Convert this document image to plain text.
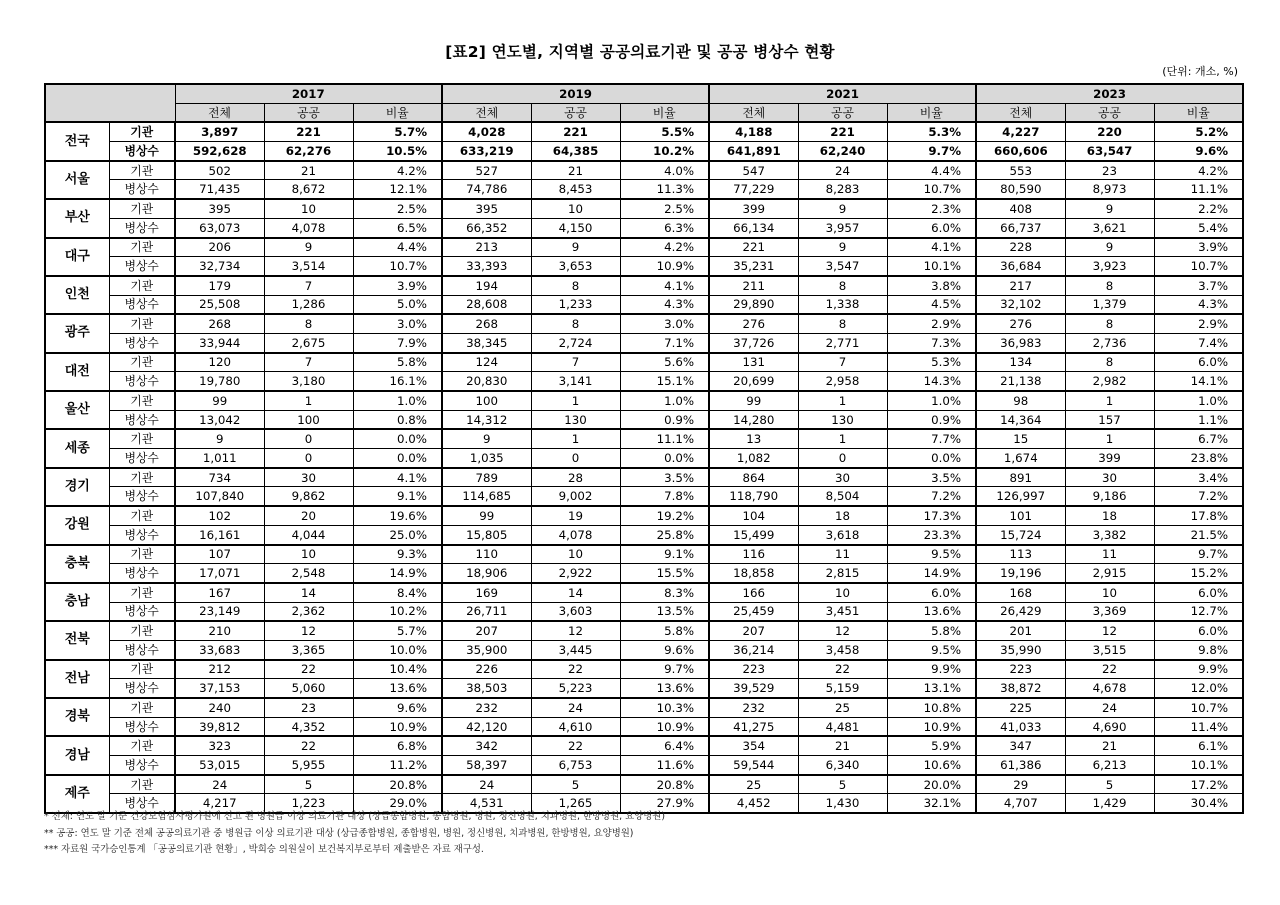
[표2] 연도별, 지역별 공공의료기관 및 공공 병상수 현황
(단위: 개소, %)
		2017			2019			2021			2023		
		전체	공공	비율	전체	공공	비율	전체	공공	비율	전체	공공	비율
전국	기관	3,897	221	5.7%	4,028	221	5.5%	4,188	221	5.3%	4,227	220	5.2%
	병상수	592,628	62,276	10.5%	633,219	64,385	10.2%	641,891	62,240	9.7%	660,606	63,547	9.6%
서울	기관	502	21	4.2%	527	21	4.0%	547	24	4.4%	553	23	4.2%
	병상수	71,435	8,672	12.1%	74,786	8,453	11.3%	77,229	8,283	10.7%	80,590	8,973	11.1%
부산	기관	395	10	2.5%	395	10	2.5%	399	9	2.3%	408	9	2.2%
	병상수	63,073	4,078	6.5%	66,352	4,150	6.3%	66,134	3,957	6.0%	66,737	3,621	5.4%
대구	기관	206	9	4.4%	213	9	4.2%	221	9	4.1%	228	9	3.9%
	병상수	32,734	3,514	10.7%	33,393	3,653	10.9%	35,231	3,547	10.1%	36,684	3,923	10.7%
인천	기관	179	7	3.9%	194	8	4.1%	211	8	3.8%	217	8	3.7%
	병상수	25,508	1,286	5.0%	28,608	1,233	4.3%	29,890	1,338	4.5%	32,102	1,379	4.3%
광주	기관	268	8	3.0%	268	8	3.0%	276	8	2.9%	276	8	2.9%
	병상수	33,944	2,675	7.9%	38,345	2,724	7.1%	37,726	2,771	7.3%	36,983	2,736	7.4%
대전	기관	120	7	5.8%	124	7	5.6%	131	7	5.3%	134	8	6.0%
	병상수	19,780	3,180	16.1%	20,830	3,141	15.1%	20,699	2,958	14.3%	21,138	2,982	14.1%
울산	기관	99	1	1.0%	100	1	1.0%	99	1	1.0%	98	1	1.0%
	병상수	13,042	100	0.8%	14,312	130	0.9%	14,280	130	0.9%	14,364	157	1.1%
세종	기관	9	0	0.0%	9	1	11.1%	13	1	7.7%	15	1	6.7%
	병상수	1,011	0	0.0%	1,035	0	0.0%	1,082	0	0.0%	1,674	399	23.8%
경기	기관	734	30	4.1%	789	28	3.5%	864	30	3.5%	891	30	3.4%
	병상수	107,840	9,862	9.1%	114,685	9,002	7.8%	118,790	8,504	7.2%	126,997	9,186	7.2%
강원	기관	102	20	19.6%	99	19	19.2%	104	18	17.3%	101	18	17.8%
	병상수	16,161	4,044	25.0%	15,805	4,078	25.8%	15,499	3,618	23.3%	15,724	3,382	21.5%
충북	기관	107	10	9.3%	110	10	9.1%	116	11	9.5%	113	11	9.7%
	병상수	17,071	2,548	14.9%	18,906	2,922	15.5%	18,858	2,815	14.9%	19,196	2,915	15.2%
충남	기관	167	14	8.4%	169	14	8.3%	166	10	6.0%	168	10	6.0%
	병상수	23,149	2,362	10.2%	26,711	3,603	13.5%	25,459	3,451	13.6%	26,429	3,369	12.7%
전북	기관	210	12	5.7%	207	12	5.8%	207	12	5.8%	201	12	6.0%
	병상수	33,683	3,365	10.0%	35,900	3,445	9.6%	36,214	3,458	9.5%	35,990	3,515	9.8%
전남	기관	212	22	10.4%	226	22	9.7%	223	22	9.9%	223	22	9.9%
	병상수	37,153	5,060	13.6%	38,503	5,223	13.6%	39,529	5,159	13.1%	38,872	4,678	12.0%
경북	기관	240	23	9.6%	232	24	10.3%	232	25	10.8%	225	24	10.7%
	병상수	39,812	4,352	10.9%	42,120	4,610	10.9%	41,275	4,481	10.9%	41,033	4,690	11.4%
경남	기관	323	22	6.8%	342	22	6.4%	354	21	5.9%	347	21	6.1%
	병상수	53,015	5,955	11.2%	58,397	6,753	11.6%	59,544	6,340	10.6%	61,386	6,213	10.1%
제주	기관	24	5	20.8%	24	5	20.8%	25	5	20.0%	29	5	17.2%
	병상수	4,217	1,223	29.0%	4,531	1,265	27.9%	4,452	1,430	32.1%	4,707	1,429	30.4%
* 전체: 연도 말 기준 건강보험심사평가원에 신고 된 병원급 이상 의료기관 대상 (상급종합병원, 종합병원, 병원, 정신병원, 치과병원, 한방병원, 요양병원)
** 공공: 연도 말 기준 전체 공공의료기관 중 병원급 이상 의료기관 대상 (상급종합병원, 종합병원, 병원, 정신병원, 치과병원, 한방병원, 요양병원)
*** 자료원 국가승인통계 「공공의료기관 현황」, 박희승 의원실이 보건복지부로부터 제출받은 자료 재구성.
